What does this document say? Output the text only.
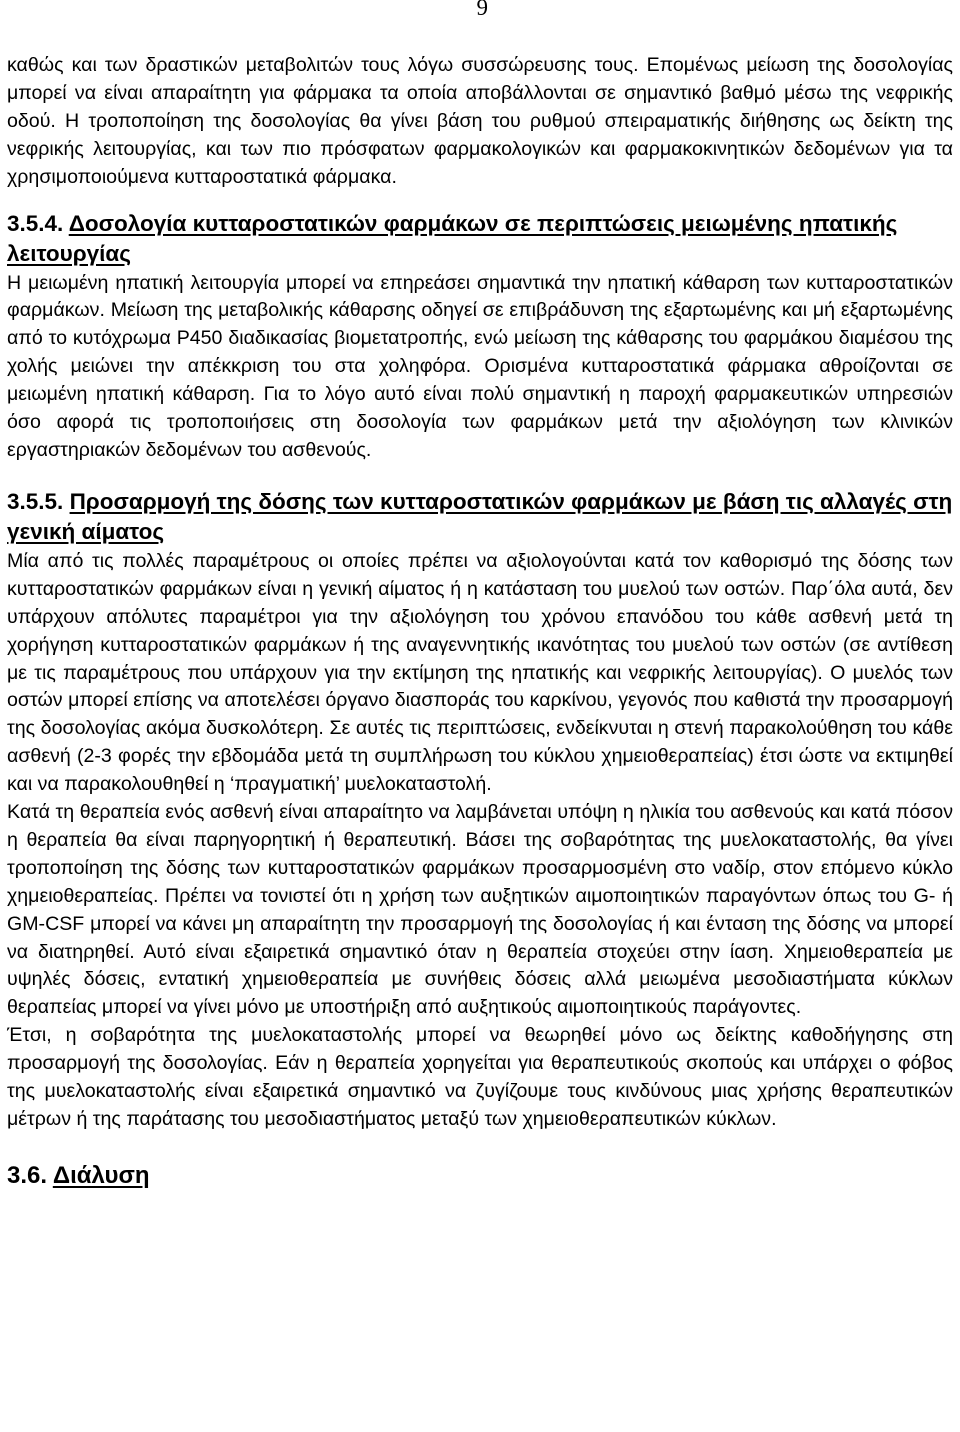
9

καθώς και των δραστικών μεταβολιτών τους λόγω συσσώρευσης τους. Επομένως μείωση της δοσολογίας μπορεί να είναι απαραίτητη για φάρμακα τα οποία αποβάλλονται σε σημαντικό βαθμό μέσω της νεφρικής οδού. Η τροποποίηση της δοσολογίας θα γίνει βάση του ρυθμού σπειραματικής διήθησης ως δείκτη της νεφρικής λειτουργίας, και των πιο πρόσφατων φαρμακολογικών και φαρμακοκινητικών δεδομένων για τα χρησιμοποιούμενα κυτταροστατικά φάρμακα.

3.5.4. Δοσολογία κυτταροστατικών φαρμάκων σε περιπτώσεις μειωμένης ηπατικής λειτουργίας

Η μειωμένη ηπατική λειτουργία μπορεί να επηρεάσει σημαντικά την ηπατική κάθαρση των κυτταροστατικών φαρμάκων. Μείωση της μεταβολικής κάθαρσης οδηγεί σε επιβράδυνση της εξαρτωμένης και μή εξαρτωμένης από το κυτόχρωμα P450 διαδικασίας βιομετατροπής, ενώ μείωση της κάθαρσης του φαρμάκου διαμέσου της χολής μειώνει την απέκκριση του στα χοληφόρα. Ορισμένα κυτταροστατικά φάρμακα αθροίζονται σε μειωμένη ηπατική κάθαρση. Για το λόγο αυτό είναι πολύ σημαντική η παροχή φαρμακευτικών υπηρεσιών όσο αφορά τις τροποποιήσεις στη δοσολογία των φαρμάκων μετά την αξιολόγηση των κλινικών εργαστηριακών δεδομένων του ασθενούς.

3.5.5. Προσαρμογή της δόσης των κυτταροστατικών φαρμάκων με βάση τις αλλαγές στη γενική αίματος

Μία από τις πολλές παραμέτρους οι οποίες πρέπει να αξιολογούνται κατά τον καθορισμό της δόσης των κυτταροστατικών φαρμάκων είναι η γενική αίματος ή η κατάσταση του μυελού των οστών. Παρ΄όλα αυτά, δεν υπάρχουν απόλυτες παραμέτροι για την αξιολόγηση του χρόνου επανόδου του κάθε ασθενή μετά τη χορήγηση κυτταροστατικών φαρμάκων ή της αναγεννητικής ικανότητας του μυελού των οστών (σε αντίθεση με τις παραμέτρους που υπάρχουν για την εκτίμηση της ηπατικής και νεφρικής λειτουργίας). Ο μυελός των οστών μπορεί επίσης να αποτελέσει όργανο διασποράς του καρκίνου, γεγονός που καθιστά την προσαρμογή της δοσολογίας ακόμα δυσκολότερη. Σε αυτές τις περιπτώσεις, ενδείκνυται η στενή παρακολούθηση του κάθε ασθενή (2-3 φορές την εβδομάδα μετά τη συμπλήρωση του κύκλου χημειοθεραπείας) έτσι ώστε να εκτιμηθεί και να παρακολουθηθεί η ‘πραγματική’ μυελοκαταστολή.

Κατά τη θεραπεία ενός ασθενή είναι απαραίτητο να λαμβάνεται υπόψη η ηλικία του ασθενούς και κατά πόσον η θεραπεία θα είναι παρηγορητική ή θεραπευτική. Βάσει της σοβαρότητας της μυελοκαταστολής, θα γίνει τροποποίηση της δόσης των κυτταροστατικών φαρμάκων προσαρμοσμένη στο ναδίρ, στον επόμενο κύκλο χημειοθεραπείας. Πρέπει να τονιστεί ότι η χρήση των αυξητικών αιμοποιητικών παραγόντων όπως του G- ή GM-CSF μπορεί να κάνει μη απαραίτητη την προσαρμογή της δοσολογίας ή και ένταση της δόσης να μπορεί να διατηρηθεί. Αυτό είναι εξαιρετικά σημαντικό όταν η θεραπεία στοχεύει στην ίαση. Χημειοθεραπεία με υψηλές δόσεις, εντατική χημειοθεραπεία με συνήθεις δόσεις αλλά μειωμένα μεσοδιαστήματα κύκλων θεραπείας μπορεί να γίνει μόνο με υποστήριξη από αυξητικούς αιμοποιητικούς παράγοντες.

Έτσι, η σοβαρότητα της μυελοκαταστολής μπορεί να θεωρηθεί μόνο ως δείκτης καθοδήγησης στη προσαρμογή της δοσολογίας. Εάν η θεραπεία χορηγείται για θεραπευτικούς σκοπούς και υπάρχει ο φόβος της μυελοκαταστολής είναι εξαιρετικά σημαντικό να ζυγίζουμε τους κινδύνους μιας χρήσης θεραπευτικών μέτρων ή της παράτασης του μεσοδιαστήματος μεταξύ των χημειοθεραπευτικών κύκλων.

3.6. Διάλυση
